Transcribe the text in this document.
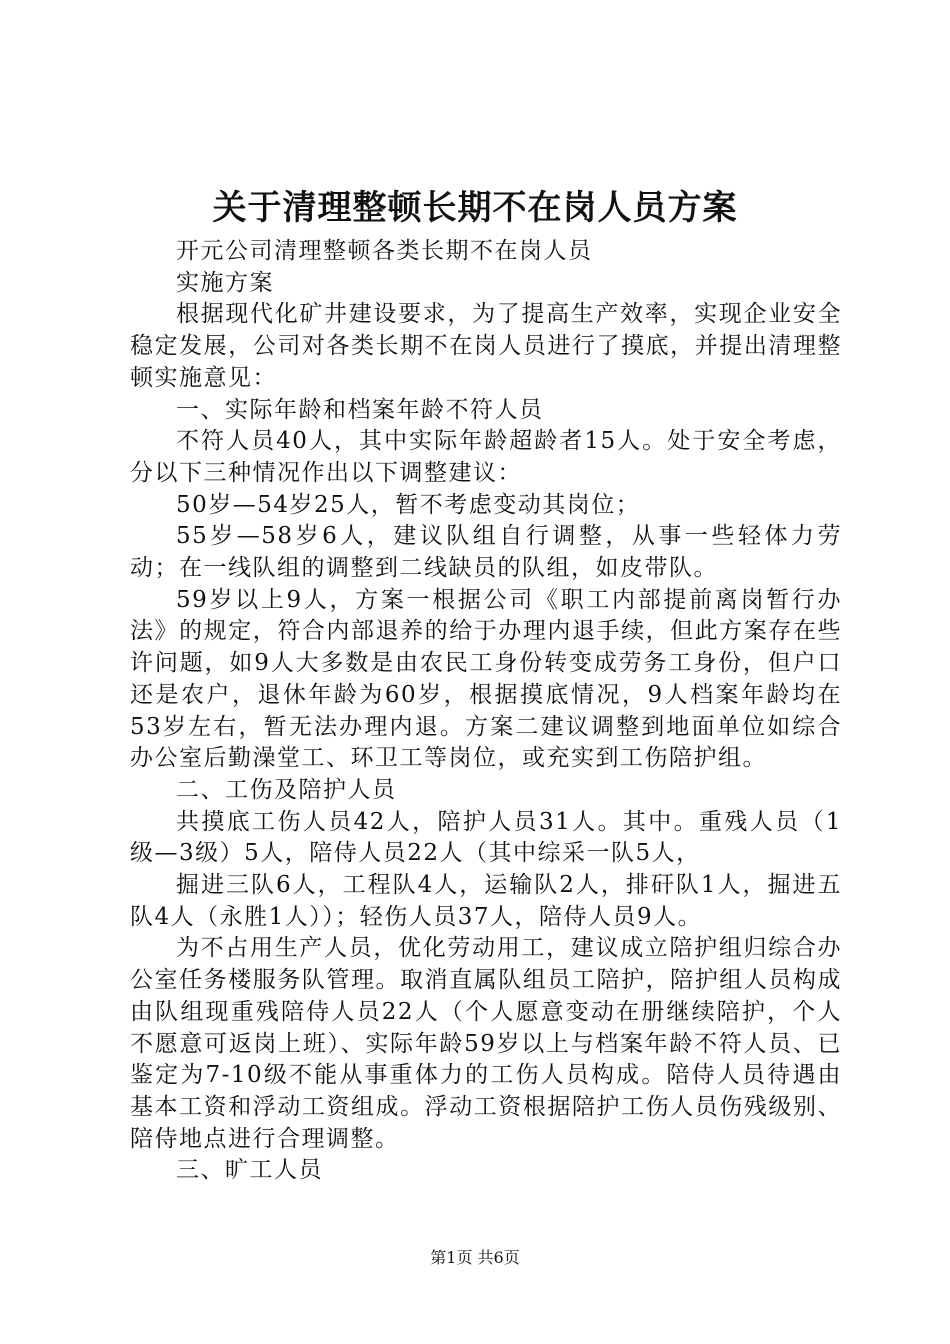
关于清理整顿长期不在岗人员方案

开元公司清理整顿各类长期不在岗人员

实施方案

根据现代化矿井建设要求，为了提高生产效率，实现企业安全稳定发展，公司对各类长期不在岗人员进行了摸底，并提出清理整顿实施意见：

一、实际年龄和档案年龄不符人员

不符人员40人，其中实际年龄超龄者15人。处于安全考虑，分以下三种情况作出以下调整建议：

50岁—54岁25人，暂不考虑变动其岗位；

55岁—58岁6人，建议队组自行调整，从事一些轻体力劳动；在一线队组的调整到二线缺员的队组，如皮带队。

59岁以上9人，方案一根据公司《职工内部提前离岗暂行办法》的规定，符合内部退养的给于办理内退手续，但此方案存在些许问题，如9人大多数是由农民工身份转变成劳务工身份，但户口还是农户，退休年龄为60岁，根据摸底情况，9人档案年龄均在53岁左右，暂无法办理内退。方案二建议调整到地面单位如综合办公室后勤澡堂工、环卫工等岗位，或充实到工伤陪护组。

二、工伤及陪护人员

共摸底工伤人员42人，陪护人员31人。其中。重残人员（1级—3级）5人，陪侍人员22人（其中综采一队5人，

掘进三队6人，工程队4人，运输队2人，排矸队1人，掘进五队4人（永胜1人））；轻伤人员37人，陪侍人员9人。

为不占用生产人员，优化劳动用工，建议成立陪护组归综合办公室任务楼服务队管理。取消直属队组员工陪护，陪护组人员构成由队组现重残陪侍人员22人（个人愿意变动在册继续陪护，个人不愿意可返岗上班）、实际年龄59岁以上与档案年龄不符人员、已鉴定为7-10级不能从事重体力的工伤人员构成。陪侍人员待遇由基本工资和浮动工资组成。浮动工资根据陪护工伤人员伤残级别、陪侍地点进行合理调整。

三、旷工人员

第1页 共6页
